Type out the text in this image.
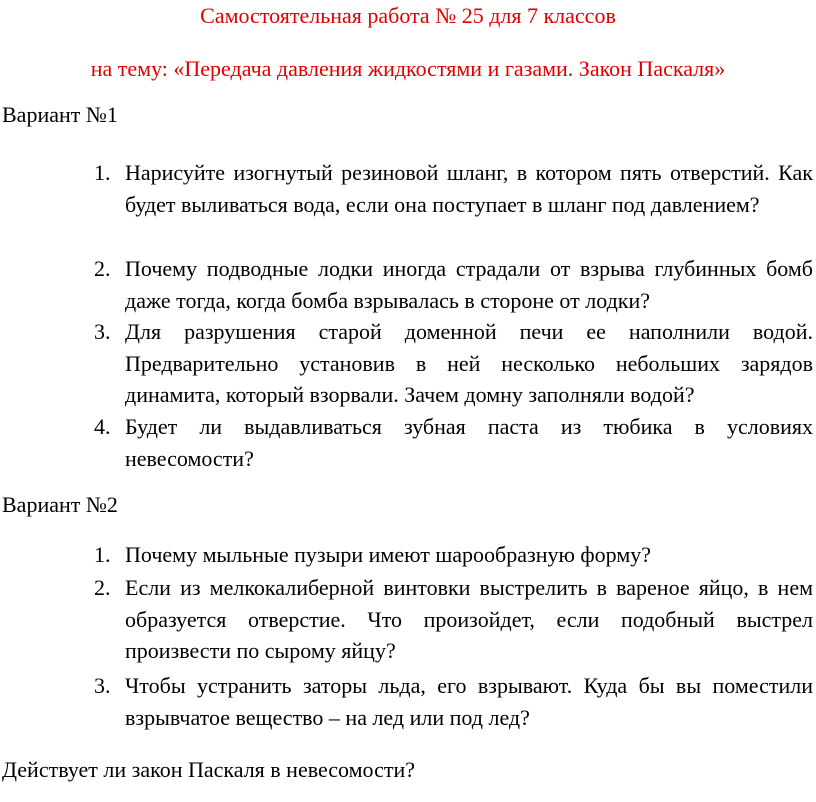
Самостоятельная работа № 25 для 7 классов
на тему: «Передача давления жидкостями и газами. Закон Паскаля»
Вариант №1
1. Нарисуйте изогнутый резиновой шланг, в котором пять отверстий. Как будет выливаться вода, если она поступает в шланг под давлением?
2. Почему подводные лодки иногда страдали от взрыва глубинных бомб даже тогда, когда бомба взрывалась в стороне от лодки?
3. Для разрушения старой доменной печи ее наполнили водой. Предварительно установив в ней несколько небольших зарядов динамита, который взорвали. Зачем домну заполняли водой?
4. Будет ли выдавливаться зубная паста из тюбика в условиях невесомости?
Вариант №2
1. Почему мыльные пузыри имеют шарообразную форму?
2. Если из мелкокалиберной винтовки выстрелить в вареное яйцо, в нем образуется отверстие. Что произойдет, если подобный выстрел произвести по сырому яйцу?
3. Чтобы устранить заторы льда, его взрывают. Куда бы вы поместили взрывчатое вещество – на лед или под лед?
Действует ли закон Паскаля в невесомости?
